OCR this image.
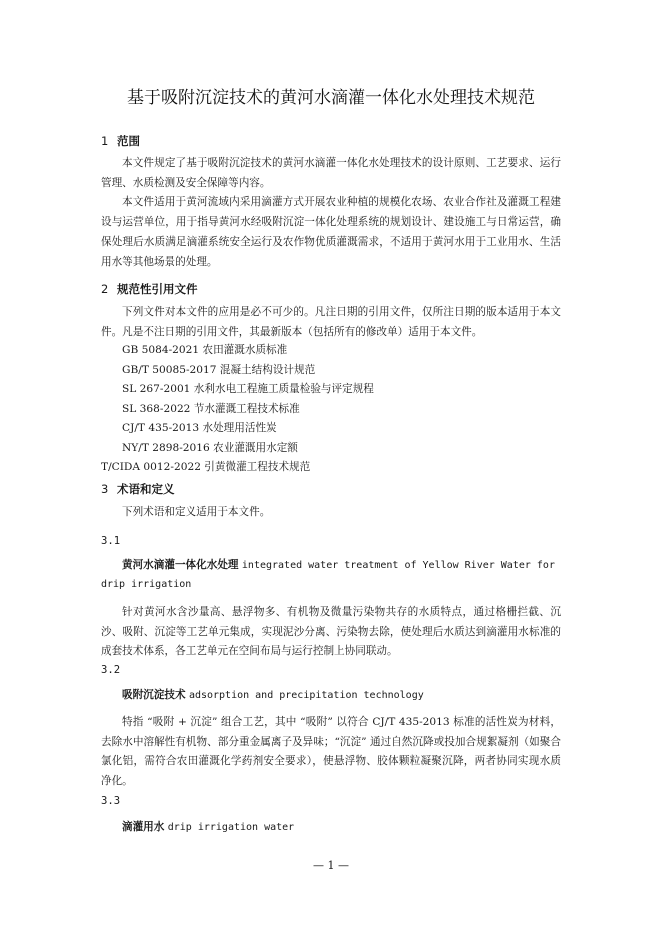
基于吸附沉淀技术的黄河水滴灌一体化水处理技术规范
1 范围

本文件规定了基于吸附沉淀技术的黄河水滴灌一体化水处理技术的设计原则、工艺要求、运行管理、水质检测及安全保障等内容。

本文件适用于黄河流域内采用滴灌方式开展农业种植的规模化农场、农业合作社及灌溉工程建设与运营单位，用于指导黄河水经吸附沉淀一体化处理系统的规划设计、建设施工与日常运营，确保处理后水质满足滴灌系统安全运行及农作物优质灌溉需求，不适用于黄河水用于工业用水、生活用水等其他场景的处理。

2 规范性引用文件

下列文件对本文件的应用是必不可少的。凡注日期的引用文件，仅所注日期的版本适用于本文件。凡是不注日期的引用文件，其最新版本（包括所有的修改单）适用于本文件。

GB 5084-2021 农田灌溉水质标准
GB/T 50085-2017 混凝土结构设计规范
SL 267-2001 水利水电工程施工质量检验与评定规程
SL 368-2022 节水灌溉工程技术标准
CJ/T 435-2013 水处理用活性炭
NY/T 2898-2016 农业灌溉用水定额
T/CIDA 0012-2022 引黄微灌工程技术规范
3 术语和定义

下列术语和定义适用于本文件。

3.1
黄河水滴灌一体化水处理 integrated water treatment of Yellow River Water for
drip irrigation

针对黄河水含沙量高、悬浮物多、有机物及微量污染物共存的水质特点，通过格栅拦截、沉沙、吸附、沉淀等工艺单元集成，实现泥沙分离、污染物去除，使处理后水质达到滴灌用水标准的成套技术体系，各工艺单元在空间布局与运行控制上协同联动。

3.2
吸附沉淀技术 adsorption and precipitation technology

特指 “吸附 + 沉淀” 组合工艺，其中 “吸附” 以符合 CJ/T 435-2013 标准的活性炭为材料，去除水中溶解性有机物、部分重金属离子及异味；“沉淀” 通过自然沉降或投加合规絮凝剂（如聚合氯化铝，需符合农田灌溉化学药剂安全要求），使悬浮物、胶体颗粒凝聚沉降，两者协同实现水质净化。

3.3
滴灌用水 drip irrigation water
— 1 —
